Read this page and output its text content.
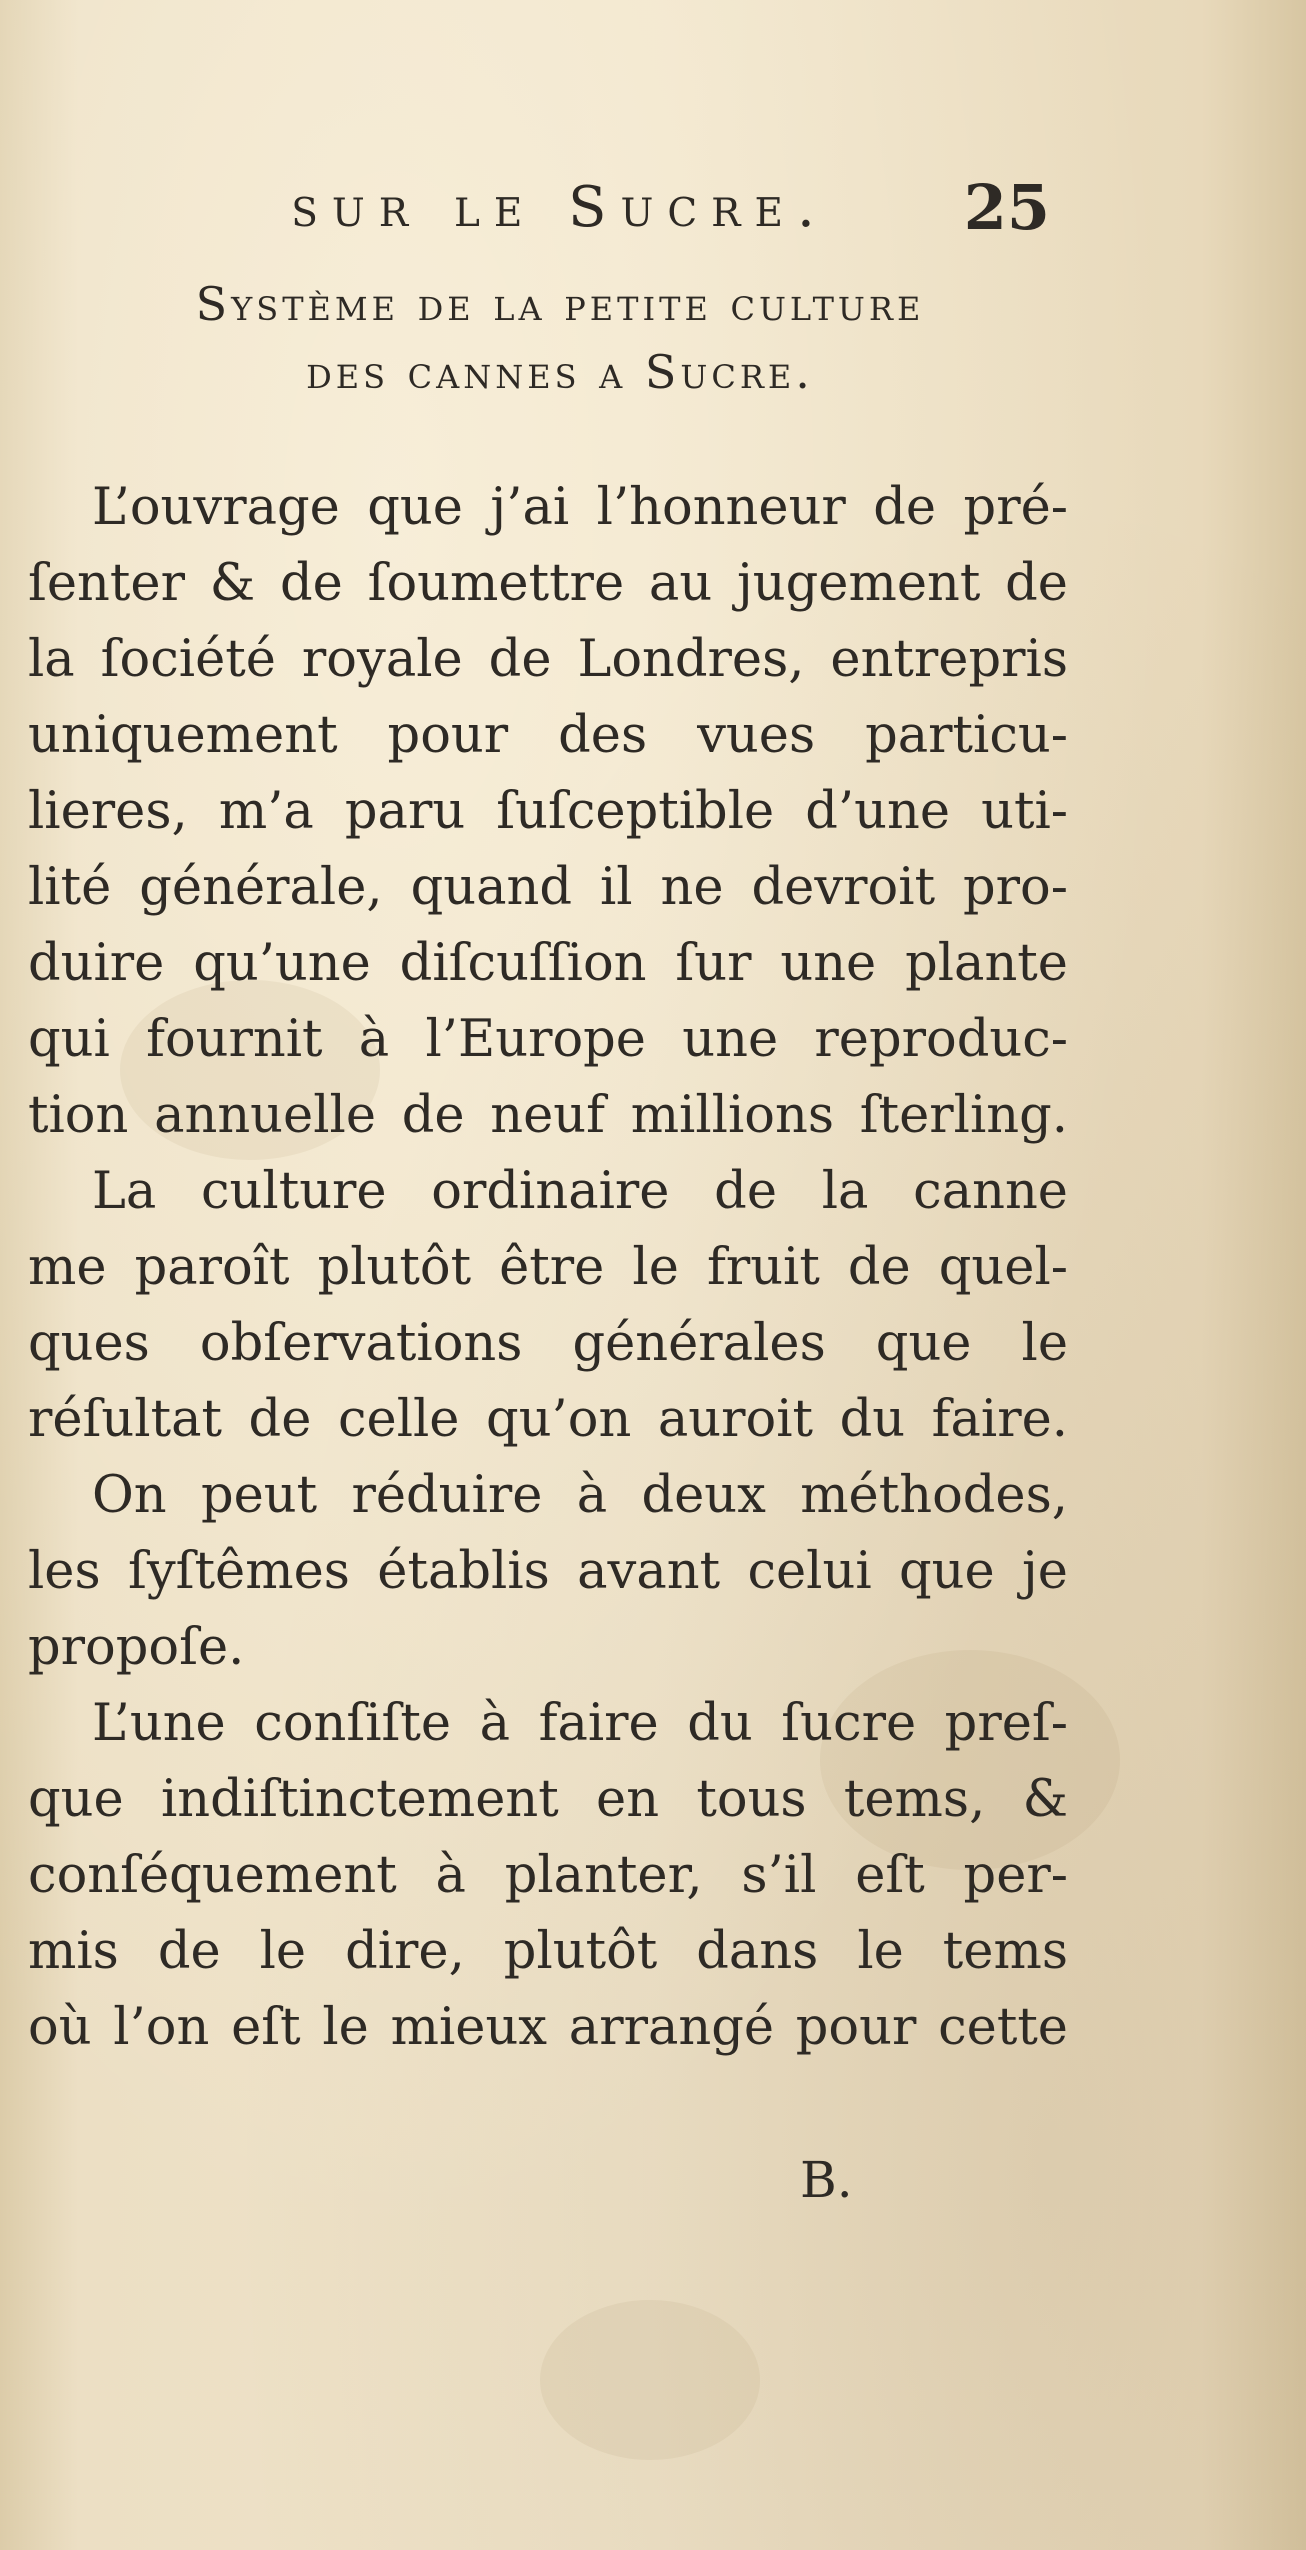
sur le Sucre.	25
Système de la petite culture
des cannes a Sucre.
L’ouvrage que j’ai l’honneur de pré-
ſenter & de ſoumettre au jugement de
la ſociété royale de Londres, entrepris
uniquement pour des vues particu-
lieres, m’a paru ſuſceptible d’une uti-
lité générale, quand il ne devroit pro-
duire qu’une diſcuſſion ſur une plante
qui fournit à l’Europe une reproduc-
tion annuelle de neuf millions ſterling.
La culture ordinaire de la canne
me paroît plutôt être le fruit de quel-
ques obſervations générales que le
réſultat de celle qu’on auroit du faire.
On peut réduire à deux méthodes,
les ſyſtêmes établis avant celui que je
propoſe.
L’une conſiſte à faire du ſucre preſ-
que indiſtinctement en tous tems, &
conſéquement à planter, s’il eſt per-
mis de le dire, plutôt dans le tems
où l’on eſt le mieux arrangé pour cette
B.
